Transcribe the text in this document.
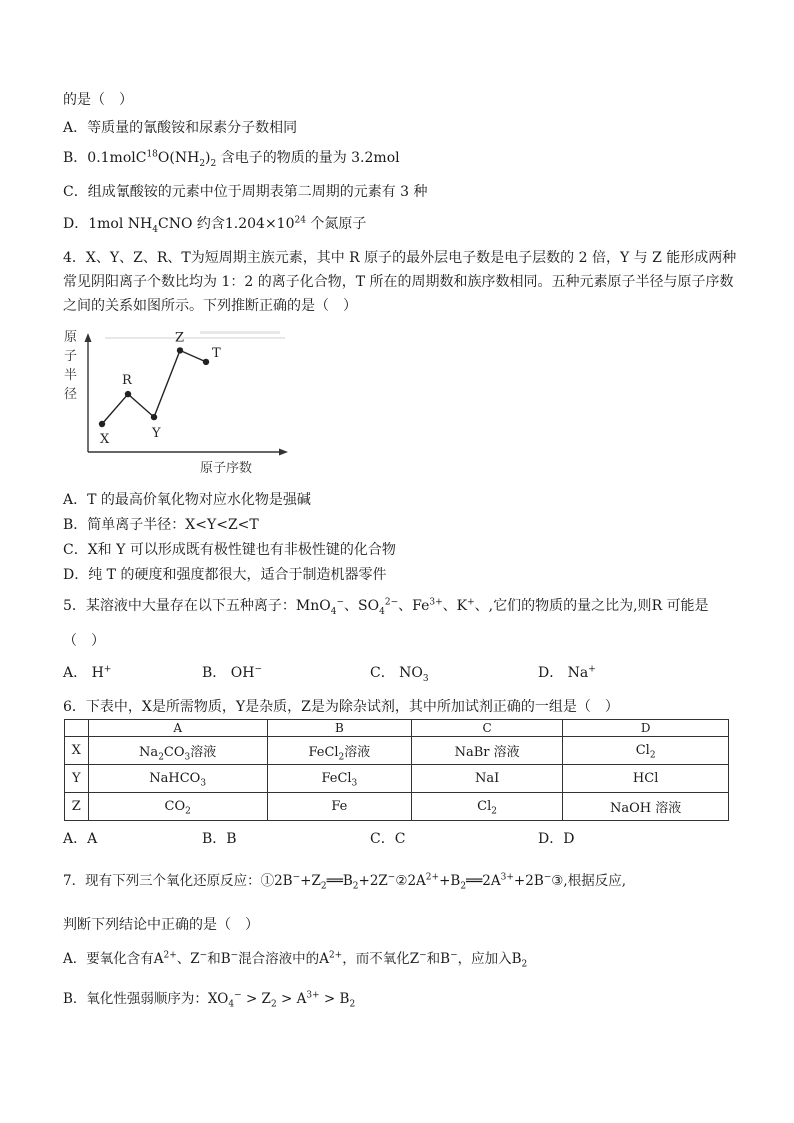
的是（　）
A．等质量的氰酸铵和尿素分子数相同
B．$0.1molC^{18}O(NH_2)_2$ 含电子的物质的量为 3.2mol
C．组成氰酸铵的元素中位于周期表第二周期的元素有 3 种
D．1mol $NH_4CNO$ 约含$1.204\times 10^{24}$ 个氮原子
4．X、Y、Z、R、T为短周期主族元素，其中 R 原子的最外层电子数是电子层数的 2 倍，Y 与 Z 能形成两种
常见阴阳离子个数比均为 1：2 的离子化合物，T 所在的周期数和族序数相同。五种元素原子半径与原子序数
之间的关系如图所示。下列推断正确的是（　）
原
子
半
径
原子序数
X
R
Y
Z
T
A．T 的最高价氧化物对应水化物是强碱
B．简单离子半径：X<Y<Z<T
C．X和 Y 可以形成既有极性键也有非极性键的化合物
D．纯 T 的硬度和强度都很大，适合于制造机器零件
5．某溶液中大量存在以下五种离子：MnO$_4$−、$SO_4^{2-}$、$Fe^{3+}$、K+、,它们的物质的量之比为,则R 可能是
（　）
A． H+	B． OH−	C． $NO_3$	D． Na+
6．下表中，X是所需物质，Y是杂质，Z是为除杂试剂，其中所加试剂正确的一组是（　）
	A	B	C	D
X	$Na_2CO_3$溶液	FeCl$_2$溶液	NaBr 溶液	$Cl_2$
Y	NaHCO$_3$	FeCl$_3$	NaI	HCl
Z	$CO_2$	Fe	$Cl_2$	NaOH 溶液
A．A	B．B	C．C	D．D
7．现有下列三个氧化还原反应：$①2B^-+Z_2══B_2+2Z^-②2A^{2+}+B_2══2A^{3+}+2B^-③$,根据反应,
判断下列结论中正确的是（　）
A．要氧化含有$A^{2+}$、Z−和B−混合溶液中的$A^{2+}$，而不氧化Z−和B−，应加入$B_2$
B．氧化性强弱顺序为：$XO_4^- > Z_2 > A^{3+} > B_2$
